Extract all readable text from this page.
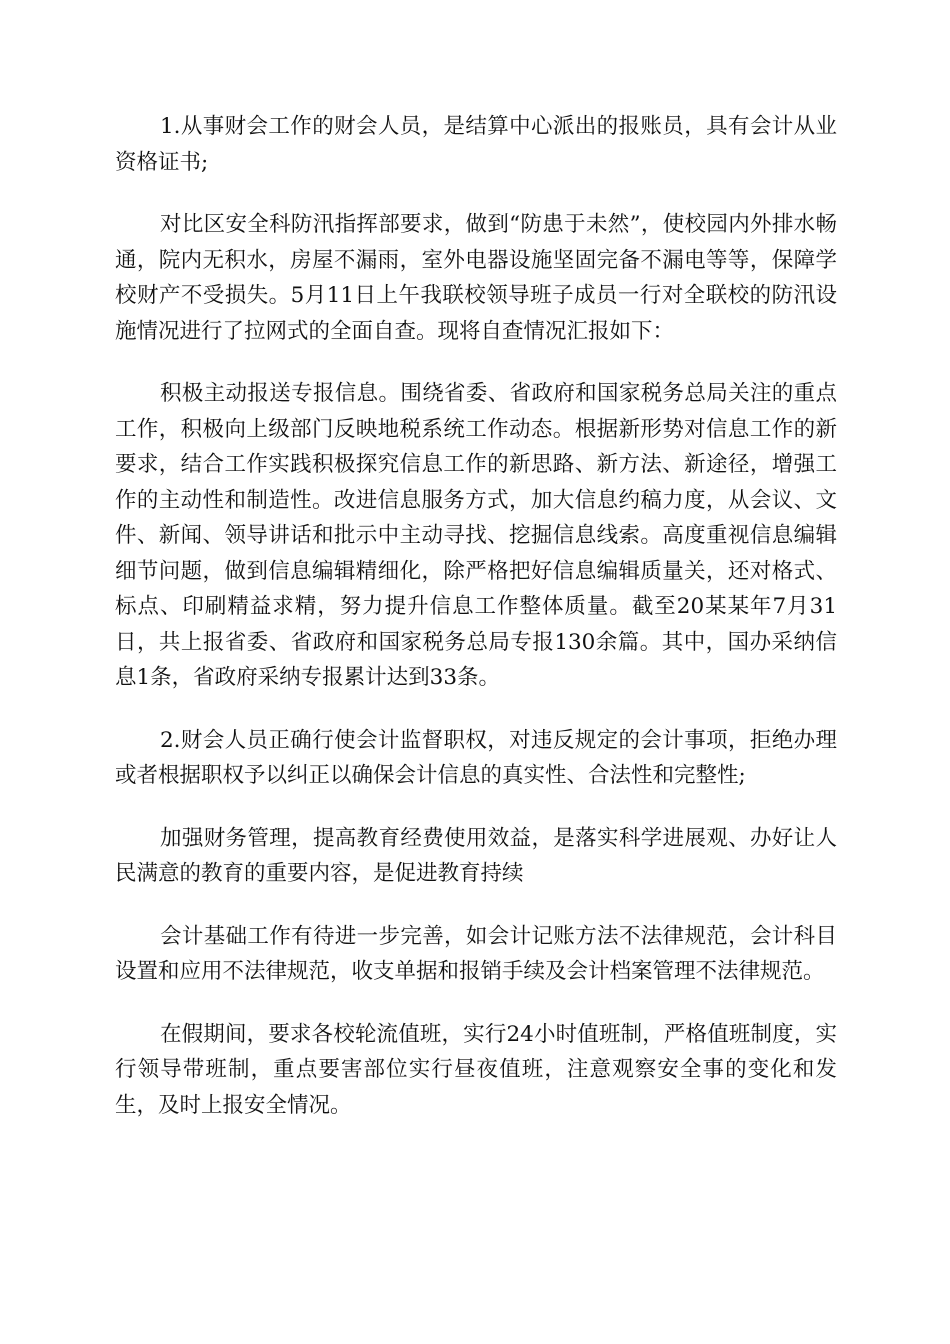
1.从事财会工作的财会人员，是结算中心派出的报账员，具有会计从业资格证书;

对比区安全科防汛指挥部要求，做到“防患于未然”，使校园内外排水畅通，院内无积水，房屋不漏雨，室外电器设施坚固完备不漏电等等，保障学校财产不受损失。5月11日上午我联校领导班子成员一行对全联校的防汛设施情况进行了拉网式的全面自查。现将自查情况汇报如下：

积极主动报送专报信息。围绕省委、省政府和国家税务总局关注的重点工作，积极向上级部门反映地税系统工作动态。根据新形势对信息工作的新要求，结合工作实践积极探究信息工作的新思路、新方法、新途径，增强工作的主动性和制造性。改进信息服务方式，加大信息约稿力度，从会议、文件、新闻、领导讲话和批示中主动寻找、挖掘信息线索。高度重视信息编辑细节问题，做到信息编辑精细化，除严格把好信息编辑质量关，还对格式、标点、印刷精益求精，努力提升信息工作整体质量。截至20某某年7月31日，共上报省委、省政府和国家税务总局专报130余篇。其中，国办采纳信息1条，省政府采纳专报累计达到33条。

2.财会人员正确行使会计监督职权，对违反规定的会计事项，拒绝办理或者根据职权予以纠正以确保会计信息的真实性、合法性和完整性;

加强财务管理，提高教育经费使用效益，是落实科学进展观、办好让人民满意的教育的重要内容，是促进教育持续

会计基础工作有待进一步完善，如会计记账方法不法律规范，会计科目设置和应用不法律规范，收支单据和报销手续及会计档案管理不法律规范。

在假期间，要求各校轮流值班，实行24小时值班制，严格值班制度，实行领导带班制，重点要害部位实行昼夜值班，注意观察安全事的变化和发生，及时上报安全情况。
